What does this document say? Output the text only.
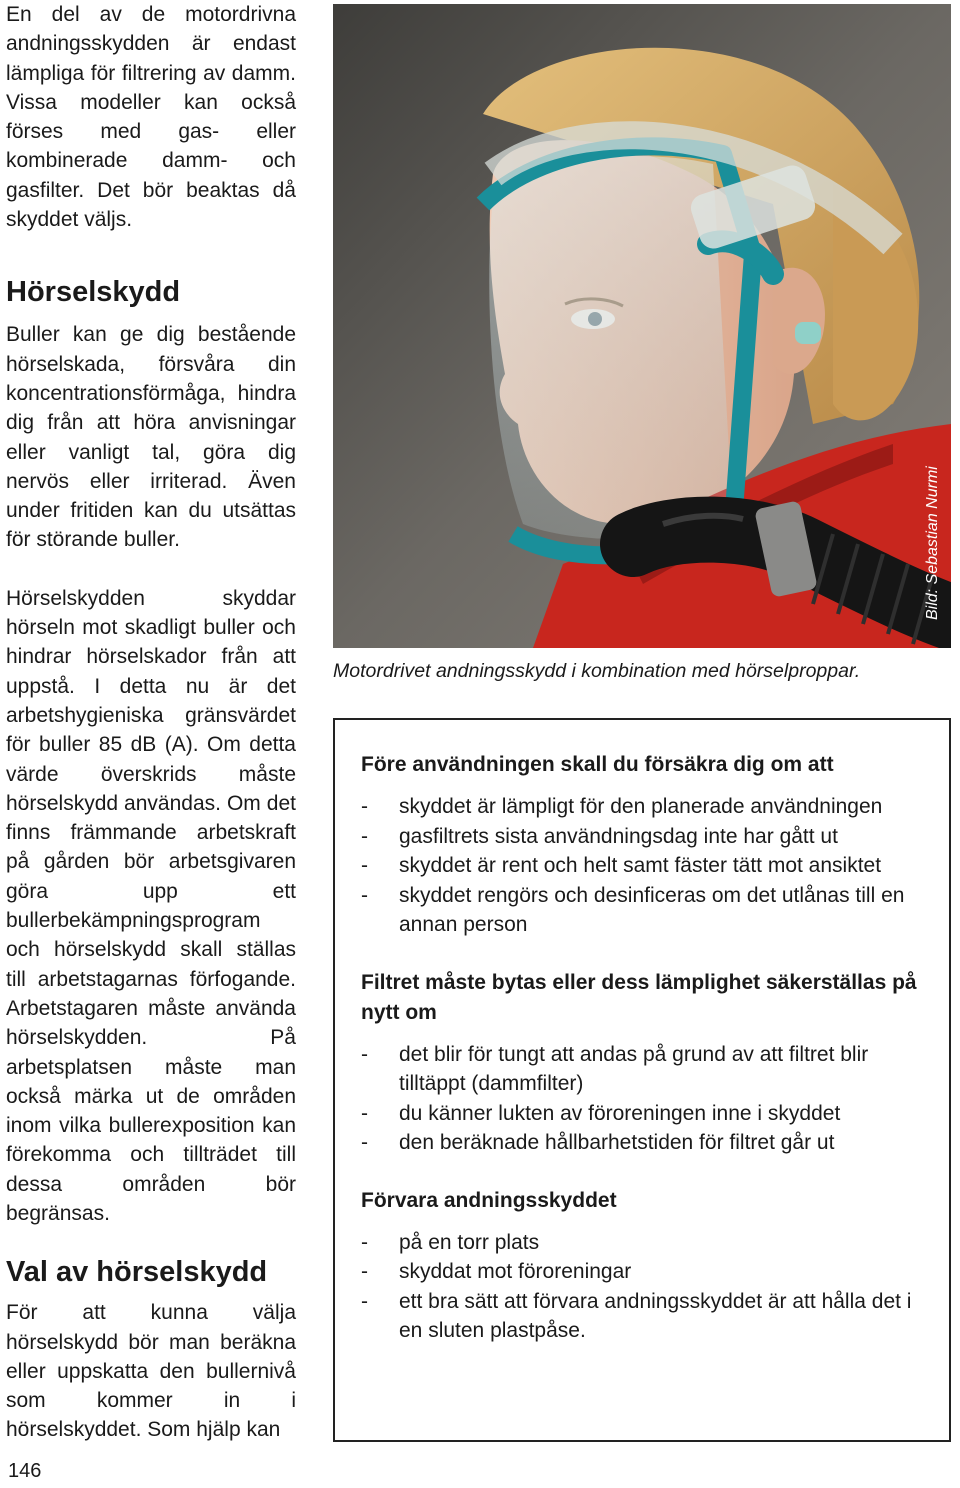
En del av de motordrivna andningsskydden är endast lämpliga för filtrering av damm. Vissa modeller kan också förses med gas- eller kombinerade damm- och gasfilter. Det bör beaktas då skyddet väljs.

Hörselskydd

Buller kan ge dig bestående hörselskada, försvåra din koncentrationsförmåga, hindra dig från att höra anvisningar eller vanligt tal, göra dig nervös eller irriterad. Även under fritiden kan du utsättas för störande buller.

Hörselskydden skyddar hörseln mot skadligt buller och hindrar hörselskador från att uppstå. I detta nu är det arbetshygieniska gränsvärdet för buller 85 dB (A). Om detta värde överskrids måste hörselskydd användas. Om det finns främmande arbetskraft på gården bör arbetsgivaren göra upp ett bullerbekämpningsprogram och hörselskydd skall ställas till arbetstagarnas förfogande. Arbetstagaren måste använda hörselskydden. På arbetsplatsen måste man också märka ut de områden inom vilka bullerexposition kan förekomma och tillträdet till dessa områden bör begränsas.

Val av hörselskydd

För att kunna välja hörselskydd bör man beräkna eller uppskatta den bullernivå som kommer in i hörselskyddet. Som hjälp kan

Bild: Sebastian Nurmi
Motordrivet andningsskydd i kombination med hörselproppar.
Före användningen skall du försäkra dig om att
- skyddet är lämpligt för den planerade användningen
- gasfiltrets sista användningsdag inte har gått ut
- skyddet är rent och helt samt fäster tätt mot ansiktet
- skyddet rengörs och desinficeras om det utlånas till en annan person
Filtret måste bytas eller dess lämplighet säkerställas på nytt om
- det blir för tungt att andas på grund av att filtret blir tilltäppt (dammfilter)
- du känner lukten av föroreningen inne i skyddet
- den beräknade hållbarhetstiden för filtret går ut
Förvara andningsskyddet
- på en torr plats
- skyddat mot föroreningar
- ett bra sätt att förvara andningsskyddet är att hålla det i en sluten plastpåse.
146
